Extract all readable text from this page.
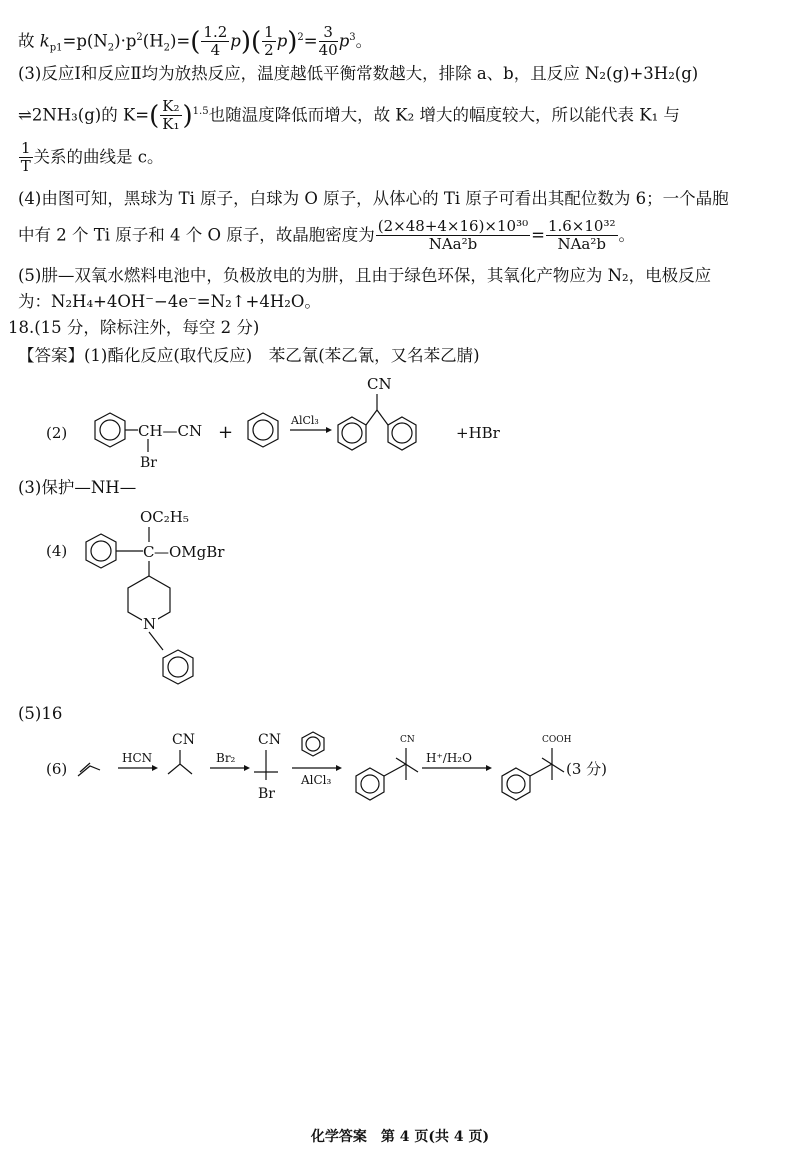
故 $k_{p1}=p(N_2)\cdot p^2(H_2)=( \frac{1.2}{4} p)( \frac{1}{2} p)^2= \frac{3}{40} p^3$。
(3)反应Ⅰ和反应Ⅱ均为放热反应，温度越低平衡常数越大，排除 a、b，且反应 N₂(g)+3H₂(g)
⇌2NH₃(g)的 $K=( \frac{\text{K₂}}{\text{K₁}} )^{1.5}$也随温度降低而增大，故 K₂ 增大的幅度较大，所以能代表 K₁ 与
$\frac{1}{T}$ 关系的曲线是 c。
(4)由图可知，黑球为 Ti 原子，白球为 O 原子，从体心的 Ti 原子可看出其配位数为 6；一个晶胞
中有 2 个 Ti 原子和 4 个 O 原子，故晶胞密度为 $\frac{\text{(2×48+4×16)×10³⁰}}{\text{NAa²b}} = \frac{\text{1.6×10³²}}{\text{NAa²b}}$ 。
(5)肼—双氧水燃料电池中，负极放电的为肼，且由于绿色环保，其氧化产物应为 N₂，电极反应
为：N₂H₄+4OH⁻−4e⁻=N₂↑+4H₂O。
18.(15 分，除标注外，每空 2 分)
【答案】(1)酯化反应(取代反应)　苯乙氰(苯乙氰，又名苯乙腈)
(2)	CH—CN
Br
+
AlCl₃
CN
+HBr
(3)保护—NH—
(4)
OC₂H₅
C —OMgBr
N
(5)16
(6)
HCN
CN
Br₂
CN
Br
AlCl₃
CN
H⁺/H₂O
COOH
(3 分)
化学答案　第 4 页(共 4 页)
